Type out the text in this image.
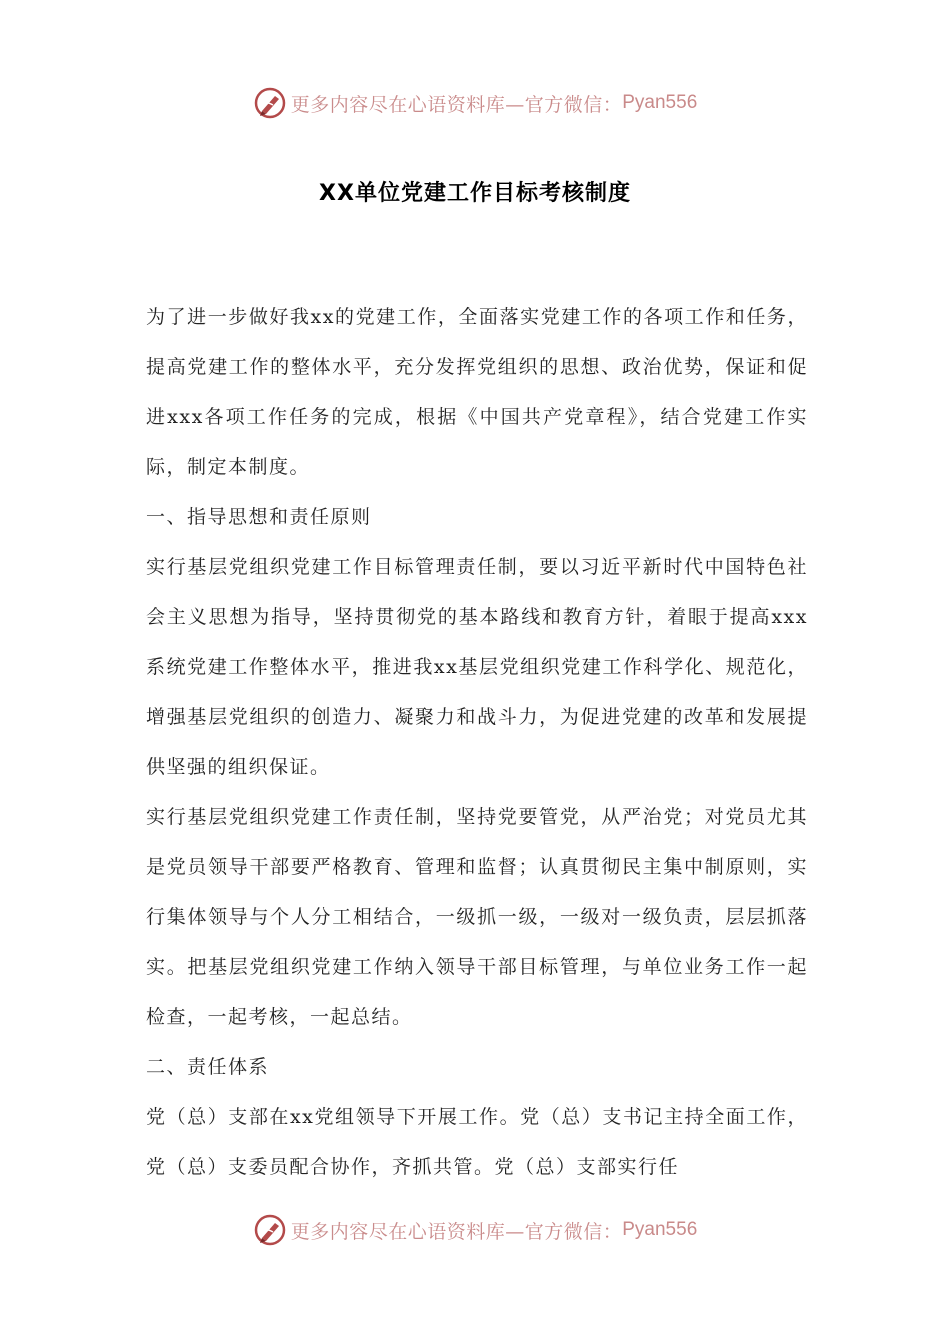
更多内容尽在心语资料库—官方微信： Pyan556
XX单位党建工作目标考核制度

为了进一步做好我xx的党建工作，全面落实党建工作的各项工作和任务，提高党建工作的整体水平，充分发挥党组织的思想、政治优势，保证和促进xxx各项工作任务的完成，根据《中国共产党章程》，结合党建工作实际，制定本制度。

一、指导思想和责任原则

实行基层党组织党建工作目标管理责任制，要以习近平新时代中国特色社会主义思想为指导，坚持贯彻党的基本路线和教育方针，着眼于提高xxx系统党建工作整体水平，推进我xx基层党组织党建工作科学化、规范化，增强基层党组织的创造力、凝聚力和战斗力，为促进党建的改革和发展提供坚强的组织保证。

实行基层党组织党建工作责任制，坚持党要管党，从严治党；对党员尤其是党员领导干部要严格教育、管理和监督；认真贯彻民主集中制原则，实行集体领导与个人分工相结合，一级抓一级，一级对一级负责，层层抓落实。把基层党组织党建工作纳入领导干部目标管理，与单位业务工作一起检查，一起考核，一起总结。

二、责任体系

党（总）支部在xx党组领导下开展工作。党（总）支书记主持全面工作，党（总）支委员配合协作，齐抓共管。党（总）支部实行任

更多内容尽在心语资料库—官方微信： Pyan556
